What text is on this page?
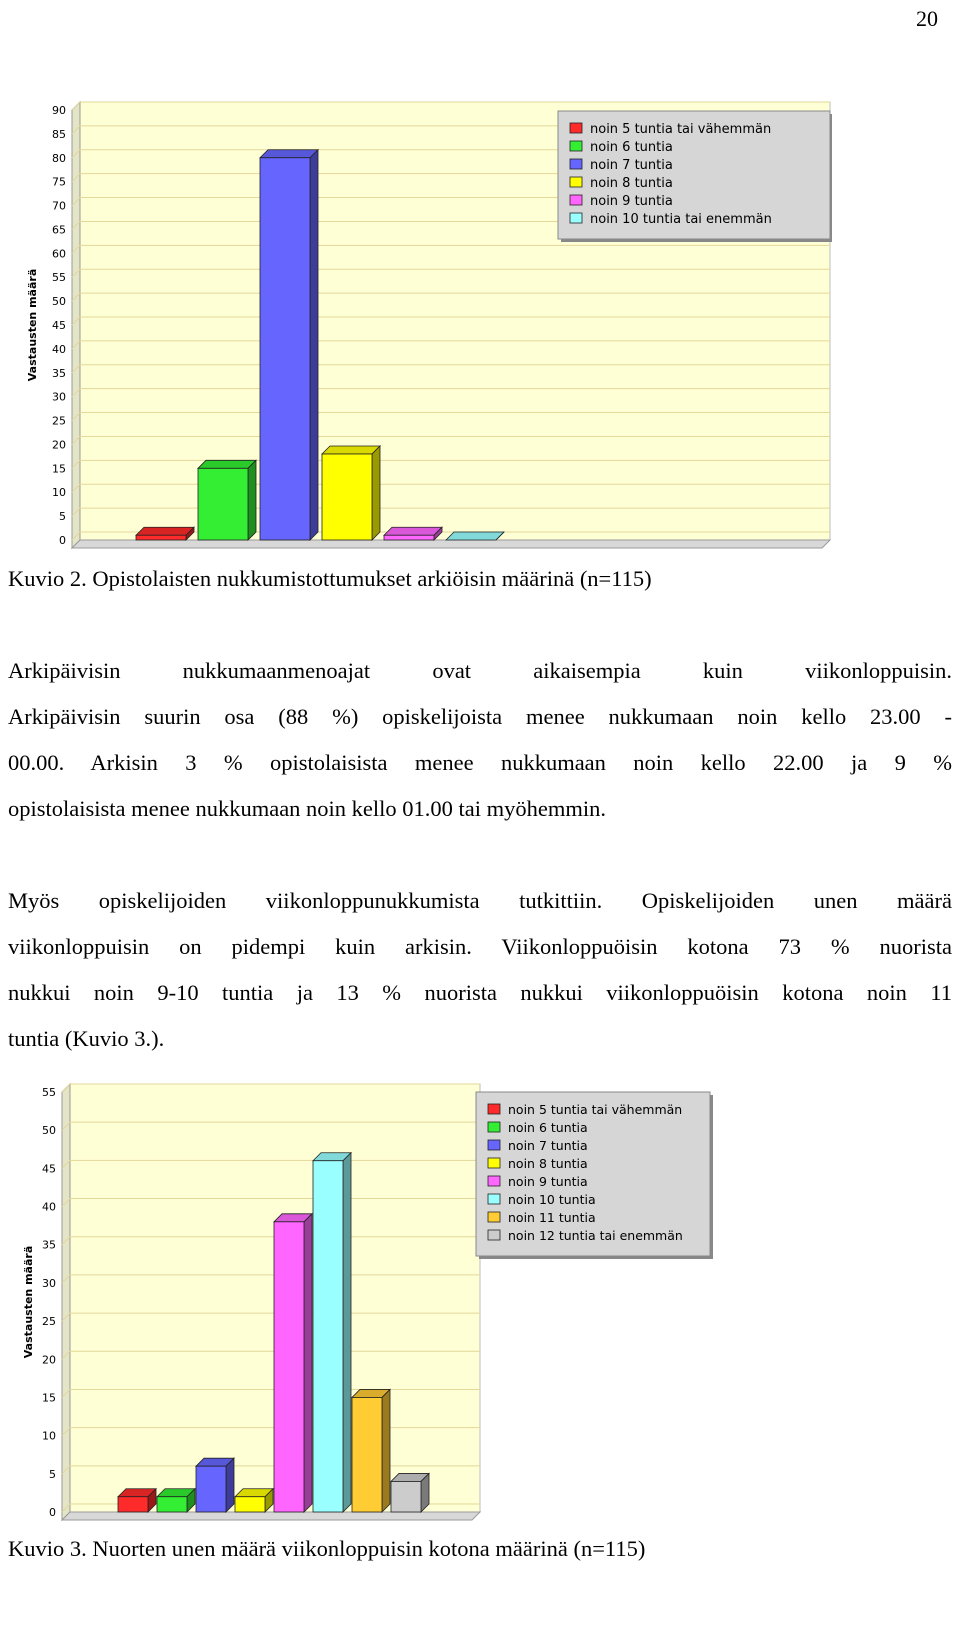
20
0
5
10
15
20
25
30
35
40
45
50
55
60
65
70
75
80
85
90
Vastausten määrä
noin 5 tuntia tai vähemmän
noin 6 tuntia
noin 7 tuntia
noin 8 tuntia
noin 9 tuntia
noin 10 tuntia tai enemmän

Kuvio 2. Opistolaisten nukkumistottumukset arkiöisin määrinä (n=115)

Arkipäivisin nukkumaanmenoajat ovat aikaisempia kuin viikonloppuisin.
Arkipäivisin suurin osa (88 %) opiskelijoista menee nukkumaan noin kello 23.00 -
00.00. Arkisin 3 % opistolaisista menee nukkumaan noin kello 22.00 ja 9 %
opistolaisista menee nukkumaan noin kello 01.00 tai myöhemmin.
Myös opiskelijoiden viikonloppunukkumista tutkittiin. Opiskelijoiden unen määrä
viikonloppuisin on pidempi kuin arkisin. Viikonloppuöisin kotona 73 % nuorista
nukkui noin 9-10 tuntia ja 13 % nuorista nukkui viikonloppuöisin kotona noin 11
tuntia (Kuvio 3.).
0
5
10
15
20
25
30
35
40
45
50
55
Vastausten määrä
noin 5 tuntia tai vähemmän
noin 6 tuntia
noin 7 tuntia
noin 8 tuntia
noin 9 tuntia
noin 10 tuntia
noin 11 tuntia
noin 12 tuntia tai enemmän

Kuvio 3. Nuorten unen määrä viikonloppuisin kotona määrinä (n=115)
